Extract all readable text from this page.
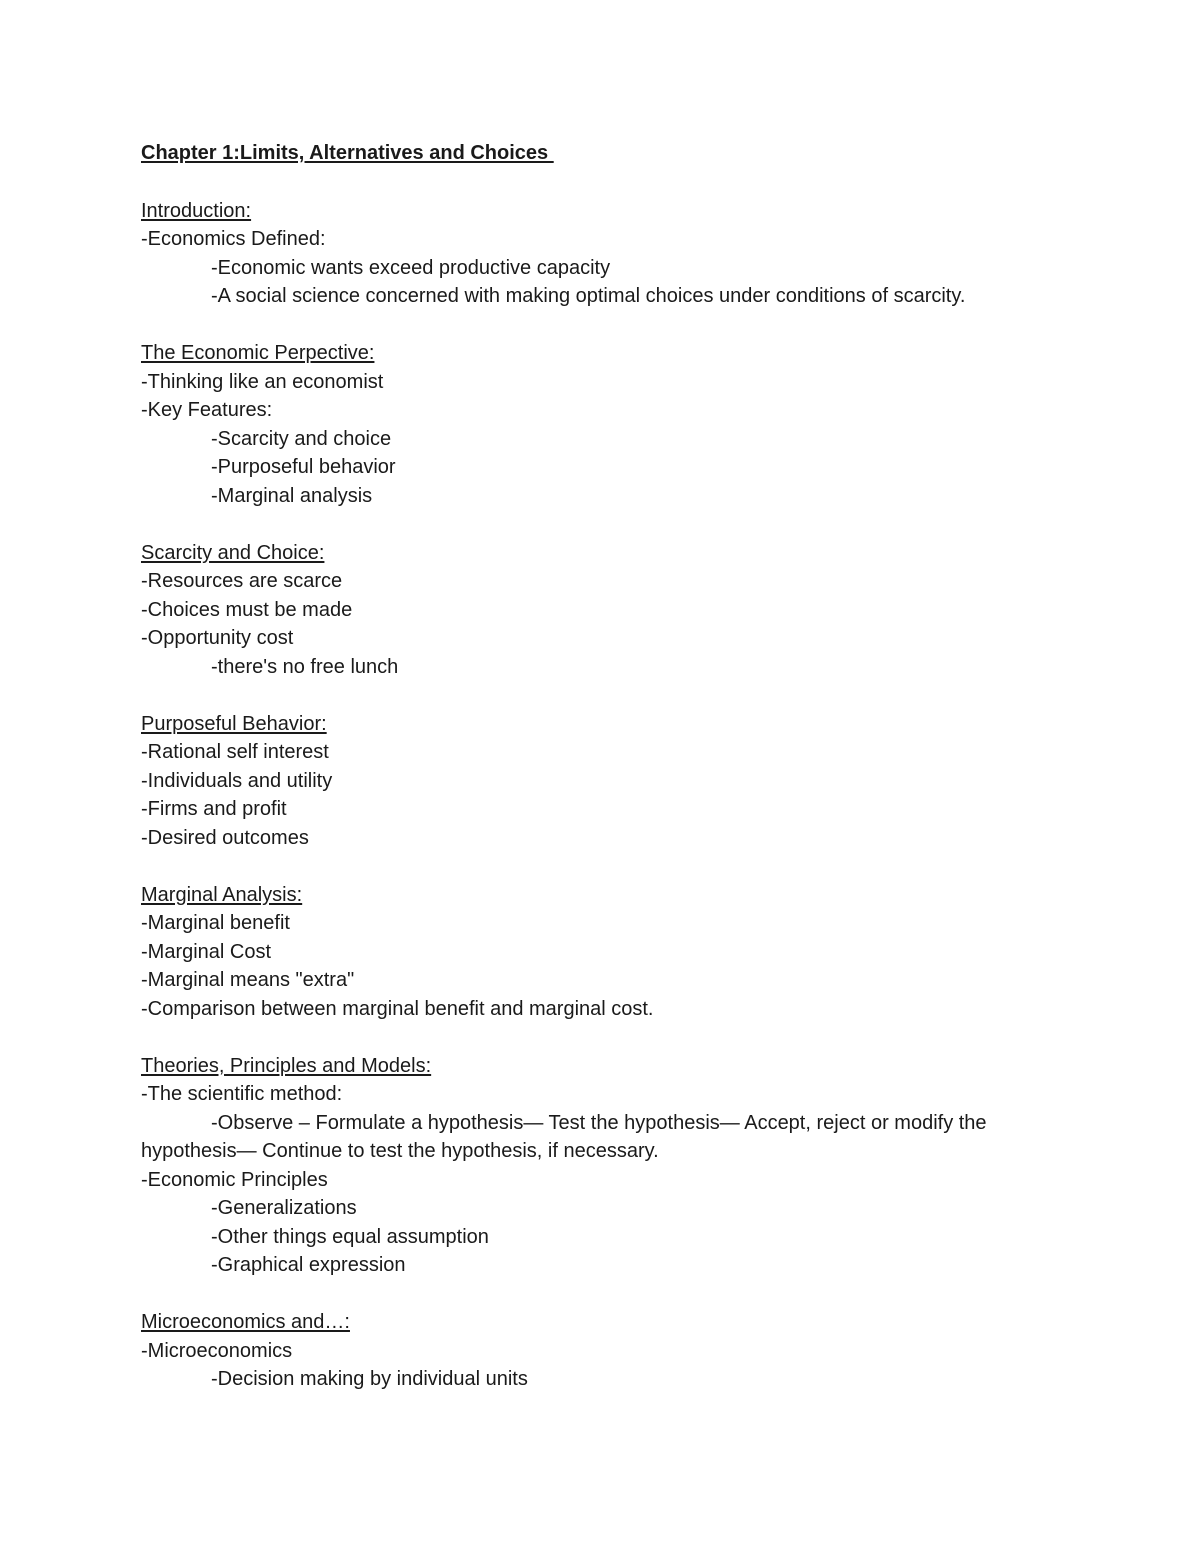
Chapter 1:Limits, Alternatives and Choices
Introduction:
-Economics Defined:
-Economic wants exceed productive capacity
-A social science concerned with making optimal choices under conditions of scarcity.
The Economic Perpective:
-Thinking like an economist
-Key Features:
-Scarcity and choice
-Purposeful behavior
-Marginal analysis
Scarcity and Choice:
-Resources are scarce
-Choices must be made
-Opportunity cost
-there's no free lunch
Purposeful Behavior:
-Rational self interest
-Individuals and utility
-Firms and profit
-Desired outcomes
Marginal Analysis:
-Marginal benefit
-Marginal Cost
-Marginal means "extra"
-Comparison between marginal benefit and marginal cost.
Theories, Principles and Models:
-The scientific method:
-Observe – Formulate a hypothesis— Test the hypothesis— Accept, reject or modify the hypothesis— Continue to test the hypothesis, if necessary.
-Economic Principles
-Generalizations
-Other things equal assumption
-Graphical expression
Microeconomics and…:
-Microeconomics
-Decision making by individual units
